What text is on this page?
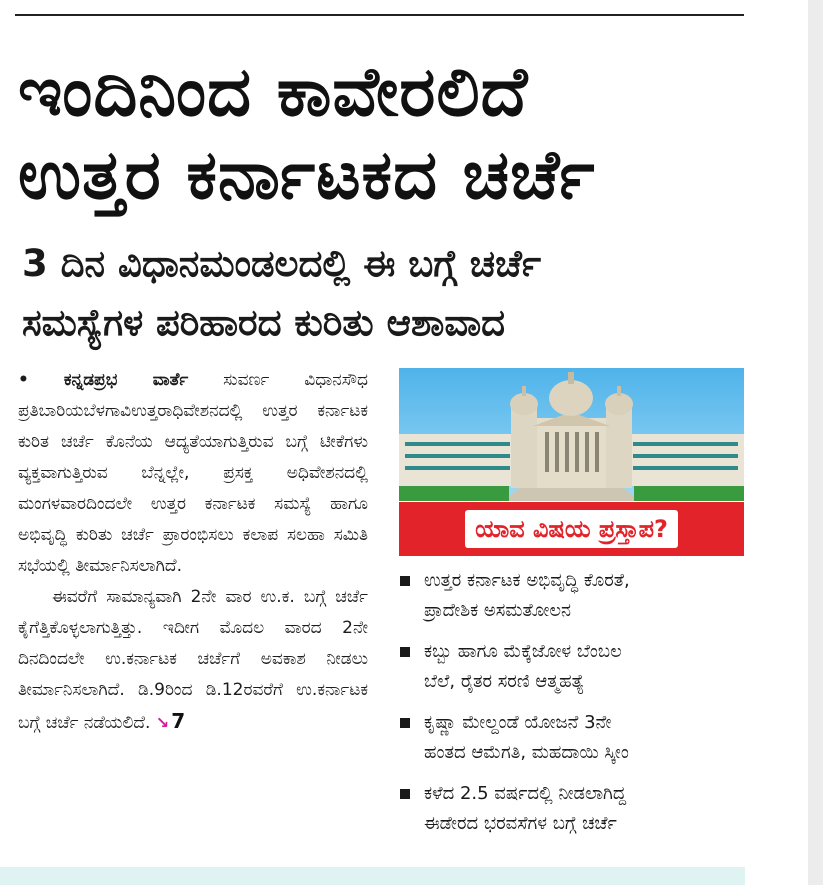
ಇಂದಿನಿಂದ ಕಾವೇರಲಿದೆ
ಉತ್ತರ ಕರ್ನಾಟಕದ ಚರ್ಚೆ
3 ದಿನ ವಿಧಾನಮಂಡಲದಲ್ಲಿ ಈ ಬಗ್ಗೆ ಚರ್ಚೆ
ಸಮಸ್ಯೆಗಳ ಪರಿಹಾರದ ಕುರಿತು ಆಶಾವಾದ

• ಕನ್ನಡಪ್ರಭ ವಾರ್ತೆ ಸುವರ್ಣ ವಿಧಾನಸೌಧ ಪ್ರತಿಬಾರಿಯಬೆಳಗಾವಿಉತ್ತರಾಧಿವೇಶನದಲ್ಲಿ ಉತ್ತರ ಕರ್ನಾಟಕ ಕುರಿತ ಚರ್ಚೆ ಕೊನೆಯ ಆದ್ಯತೆಯಾಗುತ್ತಿರುವ ಬಗ್ಗೆ ಟೀಕೆಗಳು ವ್ಯಕ್ತವಾಗುತ್ತಿರುವ ಬೆನ್ನಲ್ಲೇ, ಪ್ರಸಕ್ತ ಅಧಿವೇಶನದಲ್ಲಿ ಮಂಗಳವಾರದಿಂದಲೇ ಉತ್ತರ ಕರ್ನಾಟಕ ಸಮಸ್ಯೆ ಹಾಗೂ ಅಭಿವೃದ್ಧಿ ಕುರಿತು ಚರ್ಚೆ ಪ್ರಾರಂಭಿಸಲು ಕಲಾಪ ಸಲಹಾ ಸಮಿತಿ ಸಭೆಯಲ್ಲಿ ತೀರ್ಮಾನಿಸಲಾಗಿದೆ.

ಈವರೆಗೆ ಸಾಮಾನ್ಯವಾಗಿ 2ನೇ ವಾರ ಉ.ಕ. ಬಗ್ಗೆ ಚರ್ಚೆ ಕೈಗೆತ್ತಿಕೊಳ್ಳಲಾಗುತ್ತಿತ್ತು. ಇದೀಗ ಮೊದಲ ವಾರದ 2ನೇ ದಿನದಿಂದಲೇ ಉ.ಕರ್ನಾಟಕ ಚರ್ಚೆಗೆ ಅವಕಾಶ ನೀಡಲು ತೀರ್ಮಾನಿಸಲಾಗಿದೆ. ಡಿ.9ರಿಂದ ಡಿ.12ರವರೆಗೆ ಉ.ಕರ್ನಾಟಕ ಬಗ್ಗೆ ಚರ್ಚೆ ನಡೆಯಲಿದೆ. ↘ 7

ಯಾವ ವಿಷಯ ಪ್ರಸ್ತಾಪ?
ಉತ್ತರ ಕರ್ನಾಟಕ ಅಭಿವೃದ್ಧಿ ಕೊರತೆ,
ಪ್ರಾದೇಶಿಕ ಅಸಮತೋಲನ
ಕಬ್ಬು ಹಾಗೂ ಮೆಕ್ಕೆಜೋಳ ಬೆಂಬಲ
ಬೆಲೆ, ರೈತರ ಸರಣಿ ಆತ್ಮಹತ್ಯೆ
ಕೃಷ್ಣಾ ಮೇಲ್ದಂಡೆ ಯೋಜನೆ 3ನೇ
ಹಂತದ ಆಮೆಗತಿ, ಮಹದಾಯಿ ಸ್ಕೀಂ
ಕಳೆದ 2.5 ವರ್ಷದಲ್ಲಿ ನೀಡಲಾಗಿದ್ದ
ಈಡೇರದ ಭರವಸೆಗಳ ಬಗ್ಗೆ ಚರ್ಚೆ
